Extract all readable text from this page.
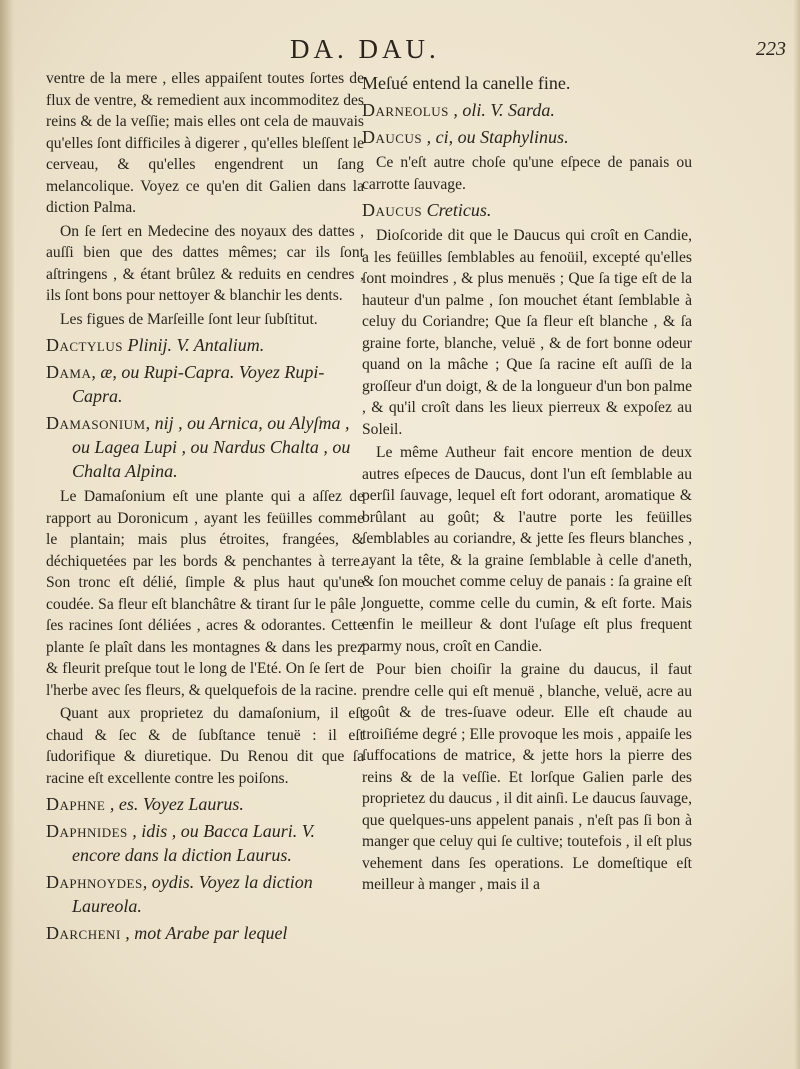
DA. DAU.	223

ventre de la mere , elles appaiſent toutes ſortes de flux de ventre, & remedient aux incommoditez des reins & de la veſſie; mais elles ont cela de mauvais qu'elles ſont difficiles à digerer , qu'elles bleſſent le cerveau, & qu'elles engendrent un ſang melancolique. Voyez ce qu'en dit Galien dans la diction Palma.

On ſe ſert en Medecine des noyaux des dattes , auſſi bien que des dattes mêmes; car ils ſont aſtringens , & étant brûlez & reduits en cendres , ils ſont bons pour nettoyer & blanchir les dents.

Les figues de Marſeille ſont leur ſubſtitut.

Dactylus Plinij. V. Antalium.

Dama, æ, ou Rupi-Capra. Voyez Rupi-Capra.

Damasonium, nij , ou Arnica, ou Alyſma , ou Lagea Lupi , ou Nardus Chalta , ou Chalta Alpina.

Le Damaſonium eſt une plante qui a aſſez de rapport au Doronicum , ayant les feüilles comme le plantain; mais plus étroites, frangées, & déchiquetées par les bords & penchantes à terre. Son tronc eſt délié, ſimple & plus haut qu'une coudée. Sa fleur eſt blanchâtre & tirant ſur le pâle , ſes racines ſont déliées , acres & odorantes. Cette plante ſe plaît dans les montagnes & dans les prez & fleurit preſque tout le long de l'Eté. On ſe ſert de l'herbe avec ſes fleurs, & quelquefois de la racine.

Quant aux proprietez du damaſonium, il eſt chaud & ſec & de ſubſtance tenuë : il eſt ſudorifique & diuretique. Du Renou dit que ſa racine eſt excellente contre les poiſons.

Daphne , es. Voyez Laurus.

Daphnides , idis , ou Bacca Lauri. V. encore dans la diction Laurus.

Daphnoydes, oydis. Voyez la diction Laureola.

Darcheni , mot Arabe par lequel

Meſué entend la canelle fine.

Darneolus , oli. V. Sarda.

Daucus , ci, ou Staphylinus.

Ce n'eſt autre choſe qu'une eſpece de panais ou carrotte ſauvage.

Daucus Creticus.

Dioſcoride dit que le Daucus qui croît en Candie, a les feüilles ſemblables au fenoüil, excepté qu'elles ſont moindres , & plus menuës ; Que ſa tige eſt de la hauteur d'un palme , ſon mouchet étant ſemblable à celuy du Coriandre; Que ſa fleur eſt blanche , & ſa graine forte, blanche, veluë , & de fort bonne odeur quand on la mâche ; Que ſa racine eſt auſſi de la groſſeur d'un doigt, & de la longueur d'un bon palme , & qu'il croît dans les lieux pierreux & expoſez au Soleil.

Le même Autheur fait encore mention de deux autres eſpeces de Daucus, dont l'un eſt ſemblable au perſil ſauvage, lequel eſt fort odorant, aromatique & brûlant au goût; & l'autre porte les feüilles ſemblables au coriandre, & jette ſes fleurs blanches , ayant la tête, & la graine ſemblable à celle d'aneth, & ſon mouchet comme celuy de panais : ſa graine eſt longuette, comme celle du cumin, & eſt forte. Mais enfin le meilleur & dont l'uſage eſt plus frequent parmy nous, croît en Candie.

Pour bien choiſir la graine du daucus, il faut prendre celle qui eſt menuë , blanche, veluë, acre au goût & de tres-ſuave odeur. Elle eſt chaude au troiſiéme degré ; Elle provoque les mois , appaiſe les ſuffocations de matrice, & jette hors la pierre des reins & de la veſſie. Et lorſque Galien parle des proprietez du daucus , il dit ainſi. Le daucus ſauvage, que quelques-uns appelent panais , n'eſt pas ſi bon à manger que celuy qui ſe cultive; toutefois , il eſt plus vehement dans ſes operations. Le domeſtique eſt meilleur à manger , mais il a
